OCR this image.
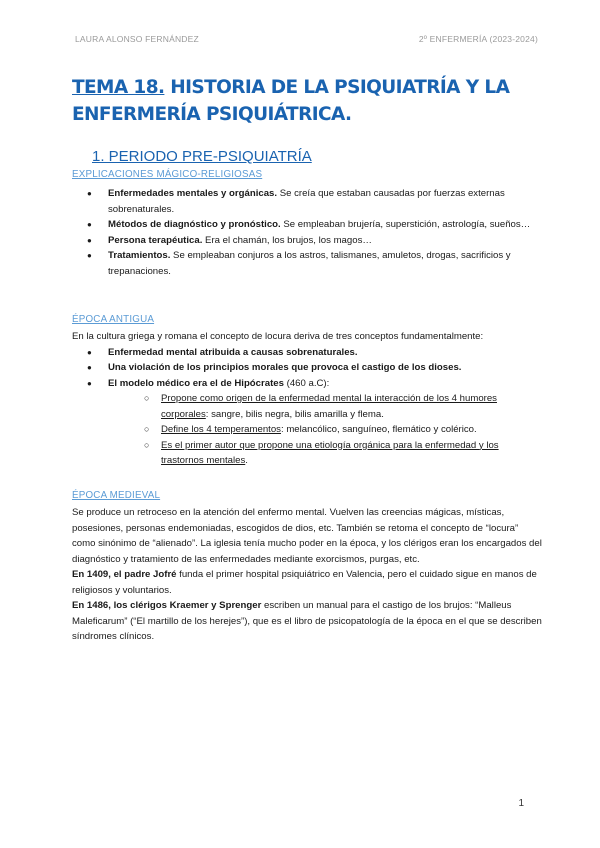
LAURA ALONSO FERNÁNDEZ	2º ENFERMERÍA (2023-2024)
TEMA 18. HISTORIA DE LA PSIQUIATRÍA Y LA ENFERMERÍA PSIQUIÁTRICA.
1. PERIODO PRE-PSIQUIATRÍA
EXPLICACIONES MÁGICO-RELIGIOSAS
● Enfermedades mentales y orgánicas. Se creía que estaban causadas por fuerzas externas sobrenaturales.
● Métodos de diagnóstico y pronóstico. Se empleaban brujería, superstición, astrología, sueños…
● Persona terapéutica. Era el chamán, los brujos, los magos…
● Tratamientos. Se empleaban conjuros a los astros, talismanes, amuletos, drogas, sacrificios y trepanaciones.
ÉPOCA ANTIGUA

En la cultura griega y romana el concepto de locura deriva de tres conceptos fundamentalmente:

● Enfermedad mental atribuida a causas sobrenaturales.
● Una violación de los principios morales que provoca el castigo de los dioses.
● El modelo médico era el de Hipócrates (460 a.C):
○ Propone como origen de la enfermedad mental la interacción de los 4 humores corporales: sangre, bilis negra, bilis amarilla y flema.
○ Define los 4 temperamentos: melancólico, sanguíneo, flemático y colérico.
○ Es el primer autor que propone una etiología orgánica para la enfermedad y los trastornos mentales.
ÉPOCA MEDIEVAL

Se produce un retroceso en la atención del enfermo mental. Vuelven las creencias mágicas, místicas, posesiones, personas endemoniadas, escogidos de dios, etc. También se retoma el concepto de “locura” como sinónimo de “alienado”. La iglesia tenía mucho poder en la época, y los clérigos eran los encargados del diagnóstico y tratamiento de las enfermedades mediante exorcismos, purgas, etc.

En 1409, el padre Jofré funda el primer hospital psiquiátrico en Valencia, pero el cuidado sigue en manos de religiosos y voluntarios.

En 1486, los clérigos Kraemer y Sprenger escriben un manual para el castigo de los brujos: “Malleus Maleficarum” (“El martillo de los herejes”), que es el libro de psicopatología de la época en el que se describen síndromes clínicos.

1
